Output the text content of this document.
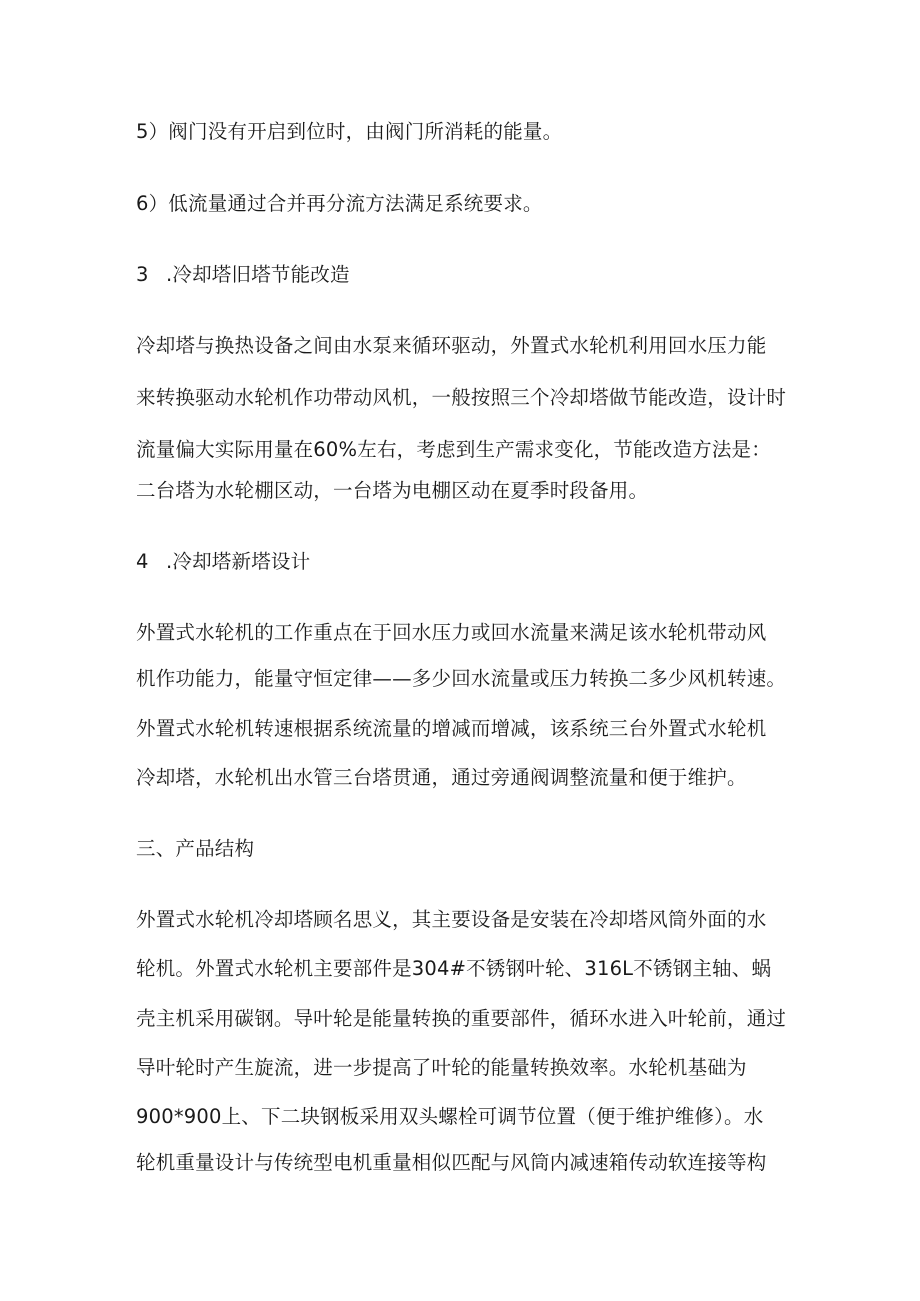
5）阀门没有开启到位时，由阀门所消耗的能量。

6）低流量通过合并再分流方法满足系统要求。

3 .冷却塔旧塔节能改造

冷却塔与换热设备之间由水泵来循环驱动，外置式水轮机利用回水压力能

来转换驱动水轮机作功带动风机，一般按照三个冷却塔做节能改造，设计时

流量偏大实际用量在60%左右，考虑到生产需求变化，节能改造方法是：

二台塔为水轮棚区动，一台塔为电棚区动在夏季时段备用。

4 .冷却塔新塔设计

外置式水轮机的工作重点在于回水压力或回水流量来满足该水轮机带动风

机作功能力，能量守恒定律——多少回水流量或压力转换二多少风机转速。

外置式水轮机转速根据系统流量的增减而增减，该系统三台外置式水轮机

冷却塔，水轮机出水管三台塔贯通，通过旁通阀调整流量和便于维护。

三、产品结构

外置式水轮机冷却塔顾名思义，其主要设备是安装在冷却塔风筒外面的水

轮机。外置式水轮机主要部件是304#不锈钢叶轮、316L不锈钢主轴、蜗

壳主机采用碳钢。导叶轮是能量转换的重要部件，循环水进入叶轮前，通过

导叶轮时产生旋流，进一步提高了叶轮的能量转换效率。水轮机基础为

900*900上、下二块钢板采用双头螺栓可调节位置（便于维护维修）。水

轮机重量设计与传统型电机重量相似匹配与风筒内减速箱传动软连接等构
